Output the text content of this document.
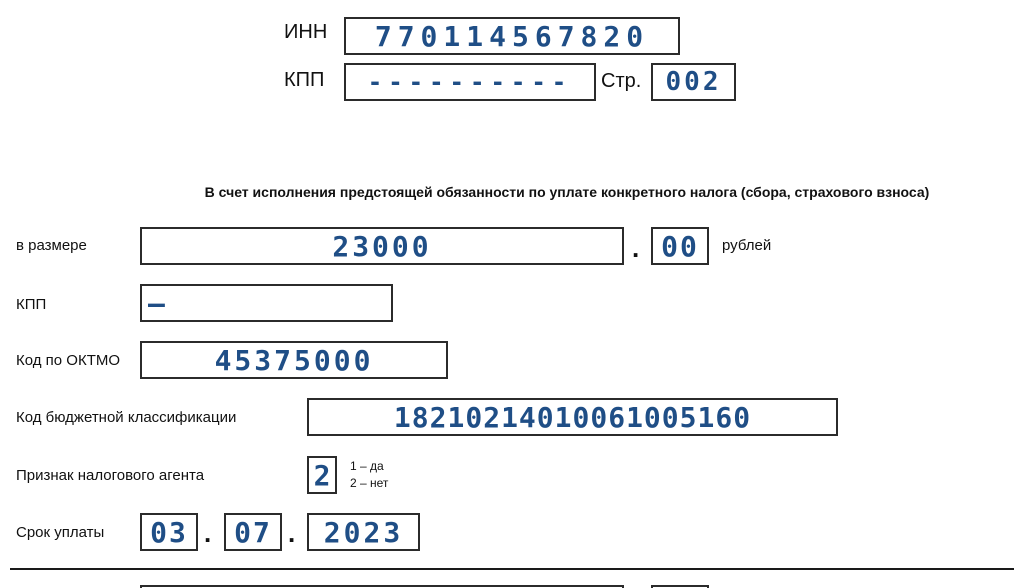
ИНН	770114567820
КПП	----------	Стр. 002
В счет исполнения предстоящей обязанности по уплате конкретного налога (сбора, страхового взноса)
в размере	23000	. 00	рублей
КПП	–
Код по ОКТМО	45375000
Код бюджетной классификации	18210214010061005160
Признак налогового агента	2	1 – да
2 – нет
Срок уплаты	03 . 07 .	2023
